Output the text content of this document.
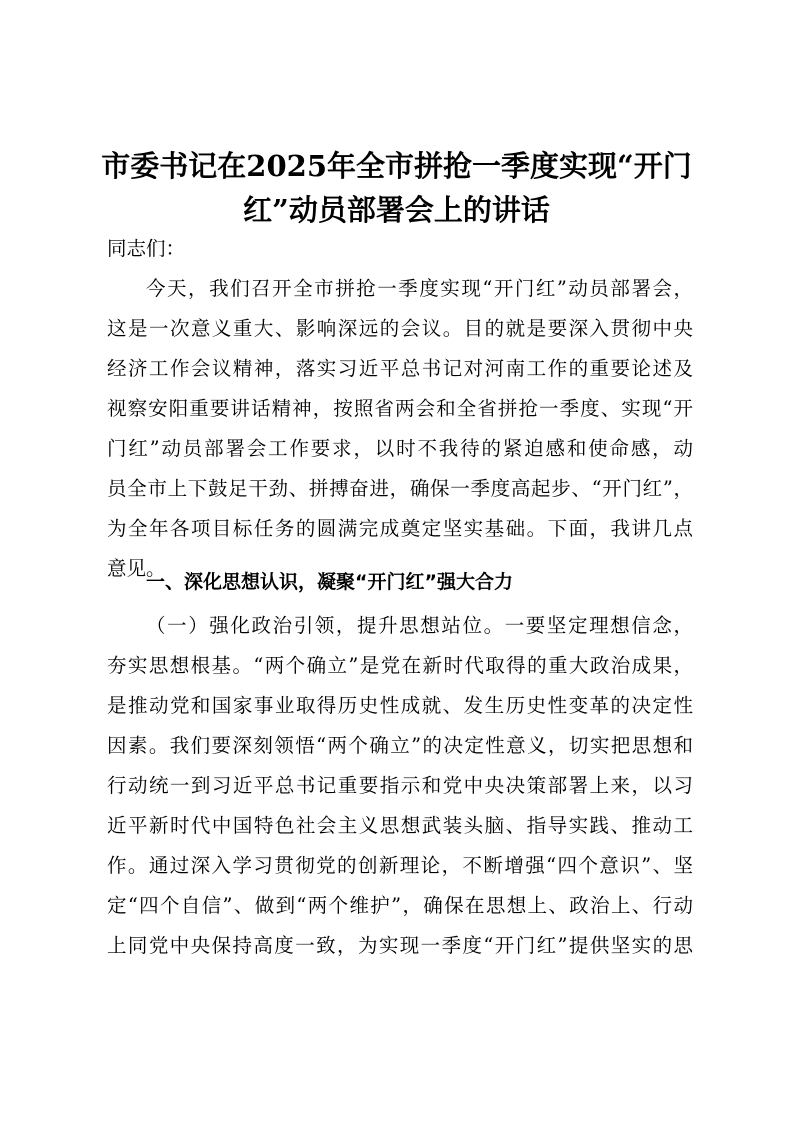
市委书记在2025年全市拼抢一季度实现“开门
红”动员部署会上的讲话

同志们：

今天，我们召开全市拼抢一季度实现“开门红”动员部署会，

这是一次意义重大、影响深远的会议。目的就是要深入贯彻中央

经济工作会议精神，落实习近平总书记对河南工作的重要论述及

视察安阳重要讲话精神，按照省两会和全省拼抢一季度、实现“开

门红”动员部署会工作要求，以时不我待的紧迫感和使命感，动

员全市上下鼓足干劲、拼搏奋进，确保一季度高起步、“开门红”，

为全年各项目标任务的圆满完成奠定坚实基础。下面，我讲几点

意见。

一、深化思想认识，凝聚“开门红”强大合力

（一）强化政治引领，提升思想站位。一要坚定理想信念，

夯实思想根基。“两个确立”是党在新时代取得的重大政治成果，

是推动党和国家事业取得历史性成就、发生历史性变革的决定性

因素。我们要深刻领悟“两个确立”的决定性意义，切实把思想和

行动统一到习近平总书记重要指示和党中央决策部署上来，以习

近平新时代中国特色社会主义思想武装头脑、指导实践、推动工

作。通过深入学习贯彻党的创新理论，不断增强“四个意识”、坚

定“四个自信”、做到“两个维护”，确保在思想上、政治上、行动

上同党中央保持高度一致，为实现一季度“开门红”提供坚实的思
